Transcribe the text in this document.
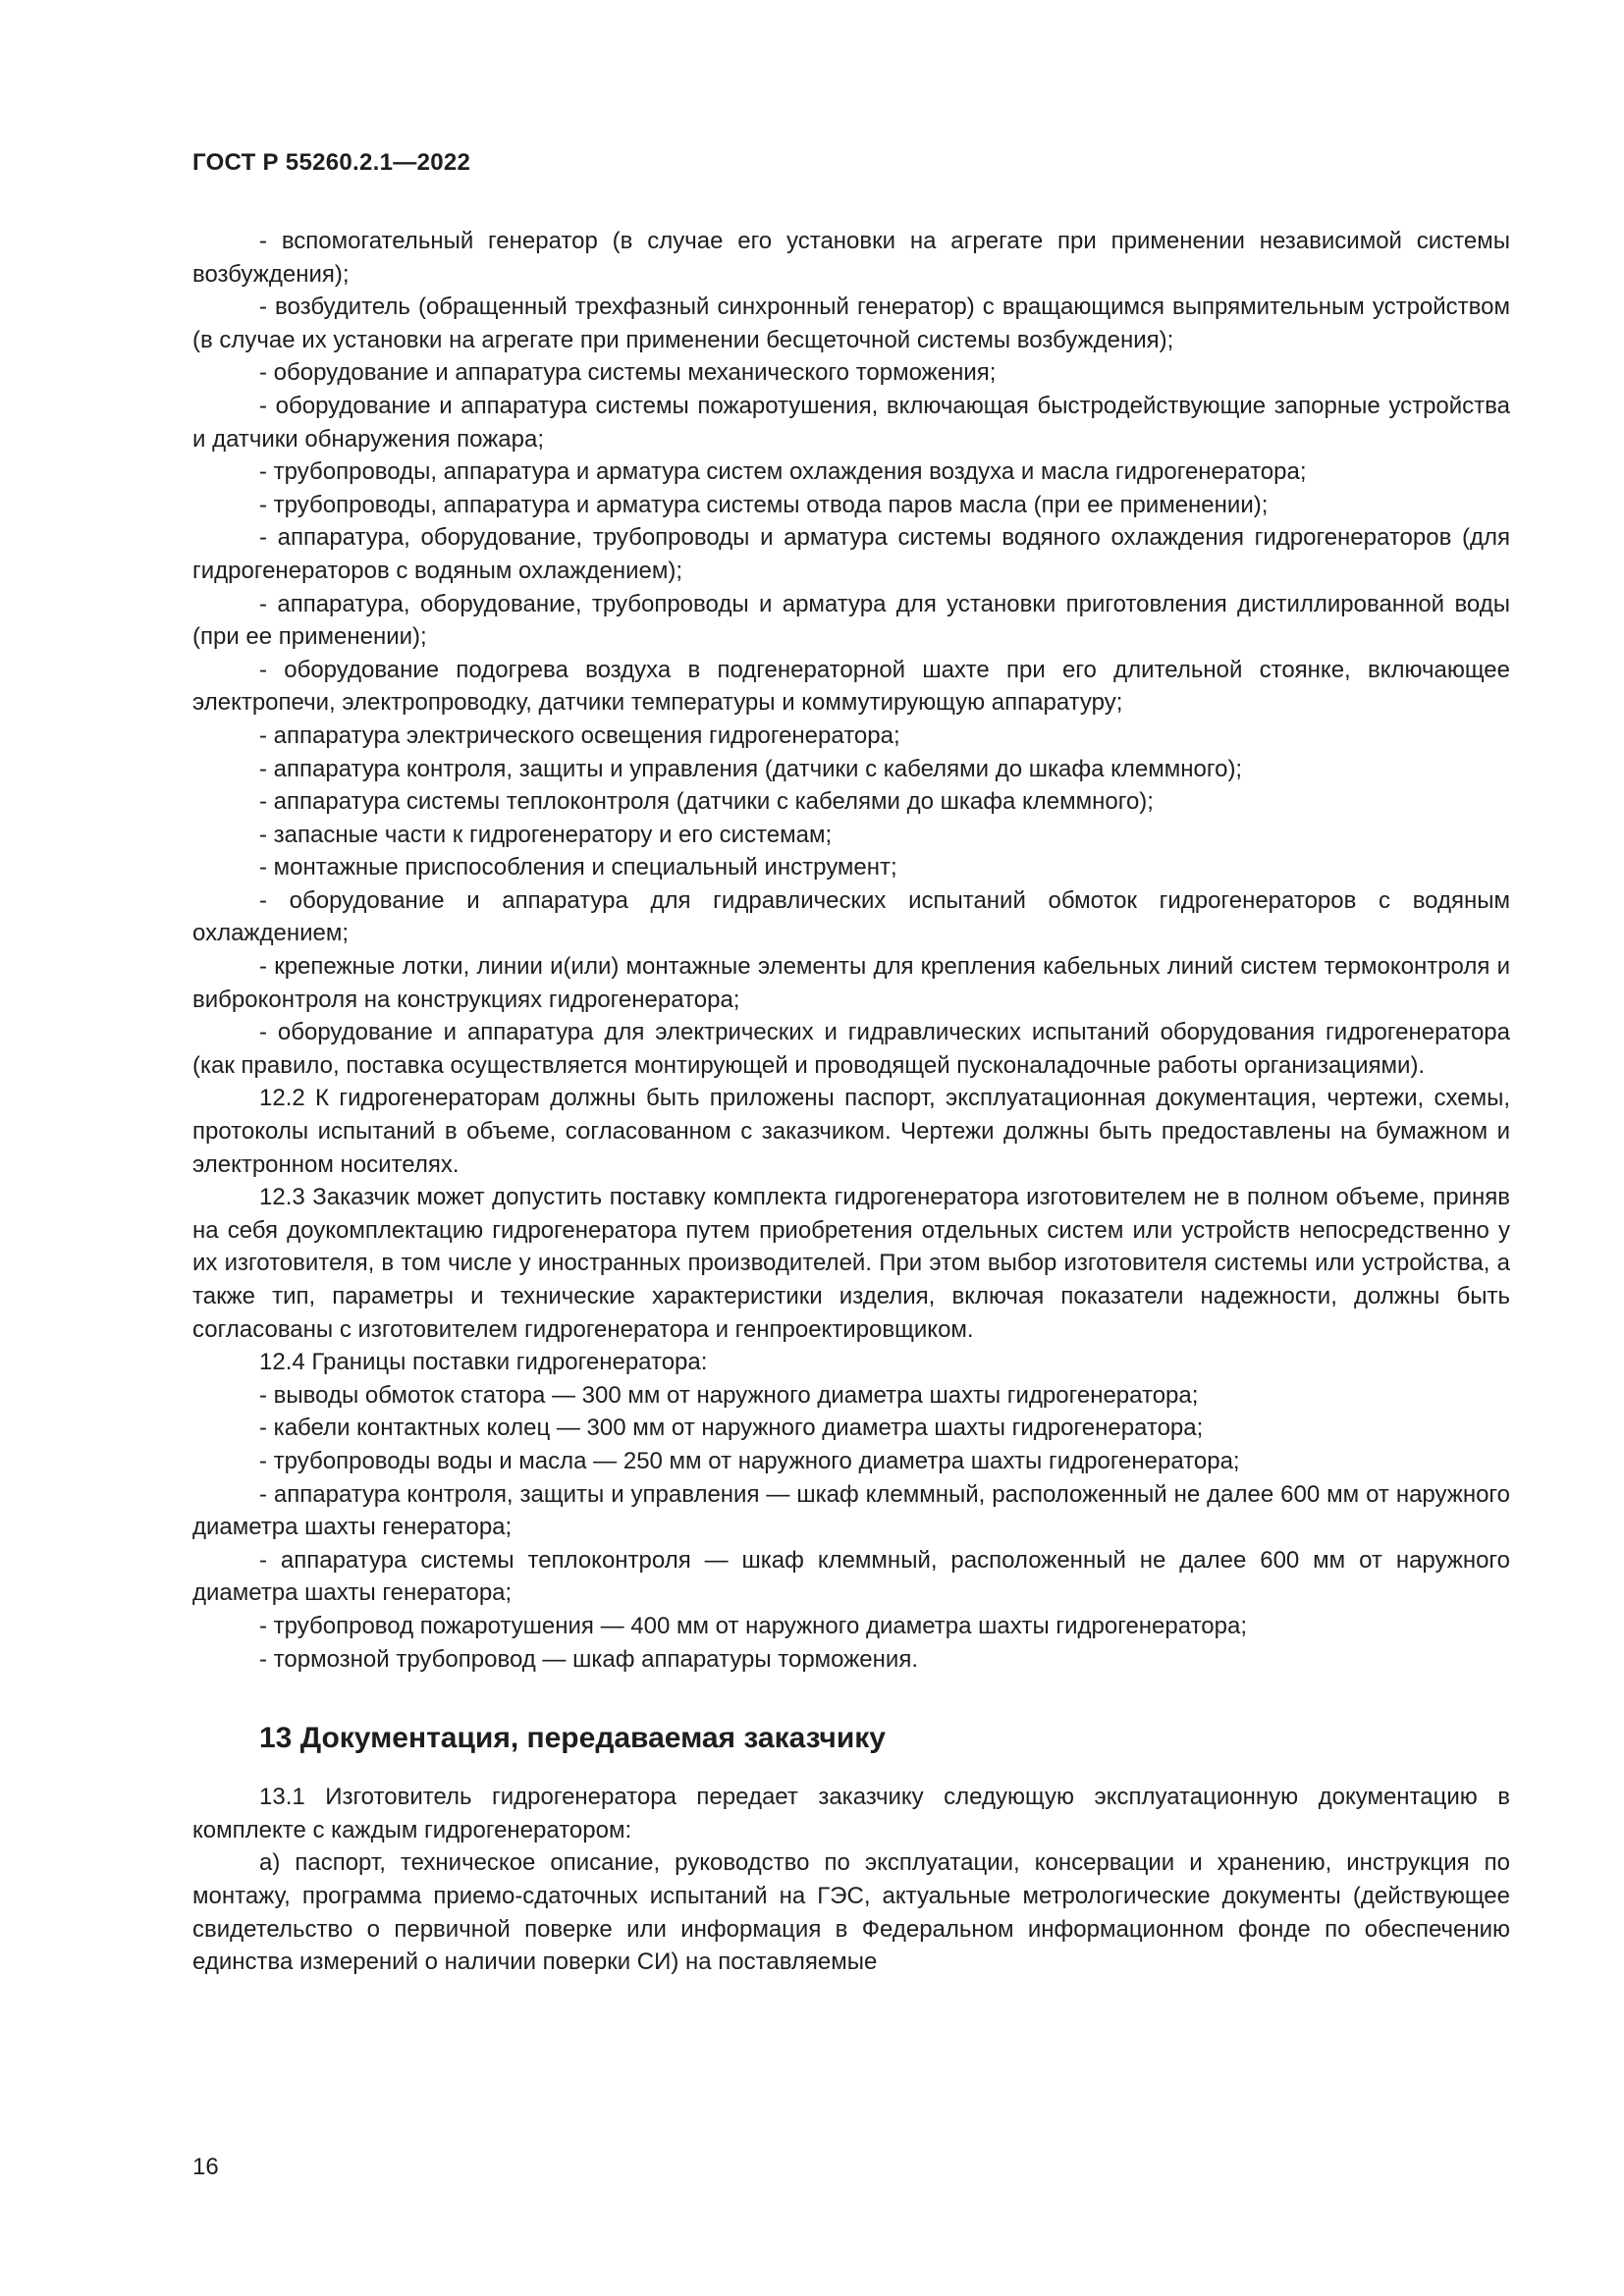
ГОСТ Р 55260.2.1—2022

- вспомогательный генератор (в случае его установки на агрегате при применении независимой системы возбуждения);

- возбудитель (обращенный трехфазный синхронный генератор) с вращающимся выпрямительным устройством (в случае их установки на агрегате при применении бесщеточной системы возбуждения);

- оборудование и аппаратура системы механического торможения;

- оборудование и аппаратура системы пожаротушения, включающая быстродействующие запорные устройства и датчики обнаружения пожара;

- трубопроводы, аппаратура и арматура систем охлаждения воздуха и масла гидрогенератора;

- трубопроводы, аппаратура и арматура системы отвода паров масла (при ее применении);

- аппаратура, оборудование, трубопроводы и арматура системы водяного охлаждения гидрогенераторов (для гидрогенераторов с водяным охлаждением);

- аппаратура, оборудование, трубопроводы и арматура для установки приготовления дистиллированной воды (при ее применении);

- оборудование подогрева воздуха в подгенераторной шахте при его длительной стоянке, включающее электропечи, электропроводку, датчики температуры и коммутирующую аппаратуру;

- аппаратура электрического освещения гидрогенератора;

- аппаратура контроля, защиты и управления (датчики с кабелями до шкафа клеммного);

- аппаратура системы теплоконтроля (датчики с кабелями до шкафа клеммного);

- запасные части к гидрогенератору и его системам;

- монтажные приспособления и специальный инструмент;

- оборудование и аппаратура для гидравлических испытаний обмоток гидрогенераторов с водяным охлаждением;

- крепежные лотки, линии и(или) монтажные элементы для крепления кабельных линий систем термоконтроля и виброконтроля на конструкциях гидрогенератора;

- оборудование и аппаратура для электрических и гидравлических испытаний оборудования гидрогенератора (как правило, поставка осуществляется монтирующей и проводящей пусконаладочные работы организациями).

12.2 К гидрогенераторам должны быть приложены паспорт, эксплуатационная документация, чертежи, схемы, протоколы испытаний в объеме, согласованном с заказчиком. Чертежи должны быть предоставлены на бумажном и электронном носителях.

12.3 Заказчик может допустить поставку комплекта гидрогенератора изготовителем не в полном объеме, приняв на себя доукомплектацию гидрогенератора путем приобретения отдельных систем или устройств непосредственно у их изготовителя, в том числе у иностранных производителей. При этом выбор изготовителя системы или устройства, а также тип, параметры и технические характеристики изделия, включая показатели надежности, должны быть согласованы с изготовителем гидрогенератора и генпроектировщиком.

12.4 Границы поставки гидрогенератора:

- выводы обмоток статора — 300 мм от наружного диаметра шахты гидрогенератора;

- кабели контактных колец — 300 мм от наружного диаметра шахты гидрогенератора;

- трубопроводы воды и масла — 250 мм от наружного диаметра шахты гидрогенератора;

- аппаратура контроля, защиты и управления — шкаф клеммный, расположенный не далее 600 мм от наружного диаметра шахты генератора;

- аппаратура системы теплоконтроля — шкаф клеммный, расположенный не далее 600 мм от наружного диаметра шахты генератора;

- трубопровод пожаротушения — 400 мм от наружного диаметра шахты гидрогенератора;

- тормозной трубопровод — шкаф аппаратуры торможения.

13 Документация, передаваемая заказчику

13.1 Изготовитель гидрогенератора передает заказчику следующую эксплуатационную документацию в комплекте с каждым гидрогенератором:

а) паспорт, техническое описание, руководство по эксплуатации, консервации и хранению, инструкция по монтажу, программа приемо-сдаточных испытаний на ГЭС, актуальные метрологические документы (действующее свидетельство о первичной поверке или информация в Федеральном информационном фонде по обеспечению единства измерений о наличии поверки СИ) на поставляемые

16
